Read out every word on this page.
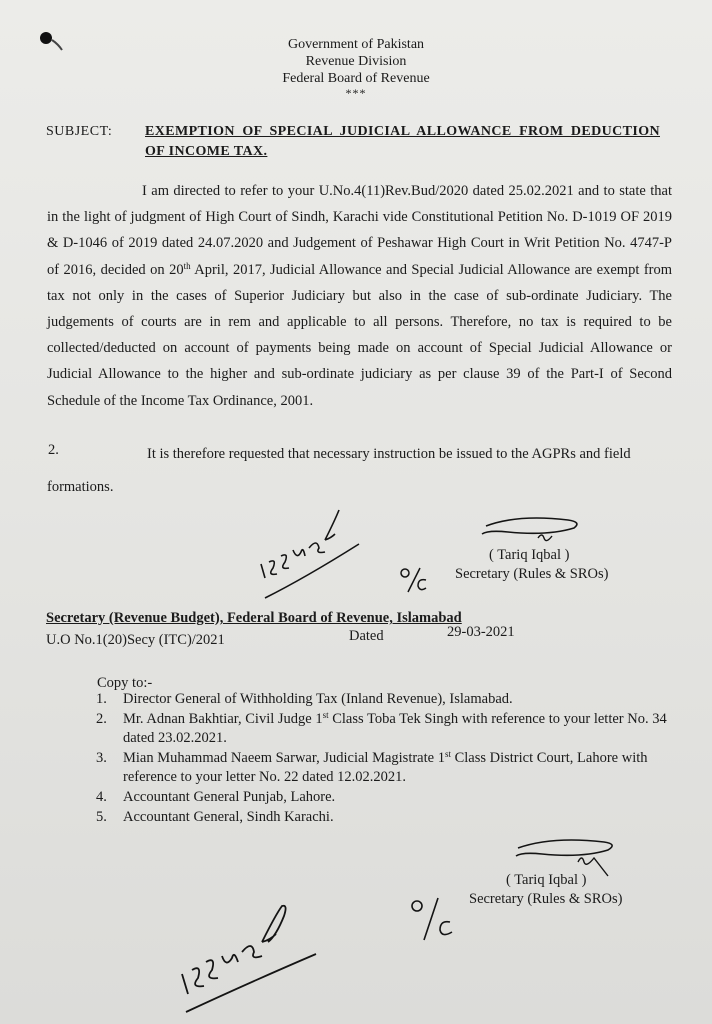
Government of Pakistan
Revenue Division
Federal Board of Revenue
***
SUBJECT: EXEMPTION OF SPECIAL JUDICIAL ALLOWANCE FROM DEDUCTION OF INCOME TAX.
I am directed to refer to your U.No.4(11)Rev.Bud/2020 dated 25.02.2021 and to state that in the light of judgment of High Court of Sindh, Karachi vide Constitutional Petition No. D-1019 OF 2019 & D-1046 of 2019 dated 24.07.2020 and Judgement of Peshawar High Court in Writ Petition No. 4747-P of 2016, decided on 20th April, 2017, Judicial Allowance and Special Judicial Allowance are exempt from tax not only in the cases of Superior Judiciary but also in the case of sub-ordinate Judiciary. The judgements of courts are in rem and applicable to all persons. Therefore, no tax is required to be collected/deducted on account of payments being made on account of Special Judicial Allowance or Judicial Allowance to the higher and sub-ordinate judiciary as per clause 39 of the Part-I of Second Schedule of the Income Tax Ordinance, 2001.
2.	It is therefore requested that necessary instruction be issued to the AGPRs and field formations.
( Tariq Iqbal )
Secretary (Rules & SROs)
Secretary (Revenue Budget), Federal Board of Revenue, Islamabad
U.O No.1(20)Secy (ITC)/2021	Dated	29-03-2021
Copy to:-
1. Director General of Withholding Tax (Inland Revenue), Islamabad.
2. Mr. Adnan Bakhtiar, Civil Judge 1st Class Toba Tek Singh with reference to your letter No. 34 dated 23.02.2021.
3. Mian Muhammad Naeem Sarwar, Judicial Magistrate 1st Class District Court, Lahore with reference to your letter No. 22 dated 12.02.2021.
4. Accountant General Punjab, Lahore.
5. Accountant General, Sindh Karachi.
( Tariq Iqbal )
Secretary (Rules & SROs)
